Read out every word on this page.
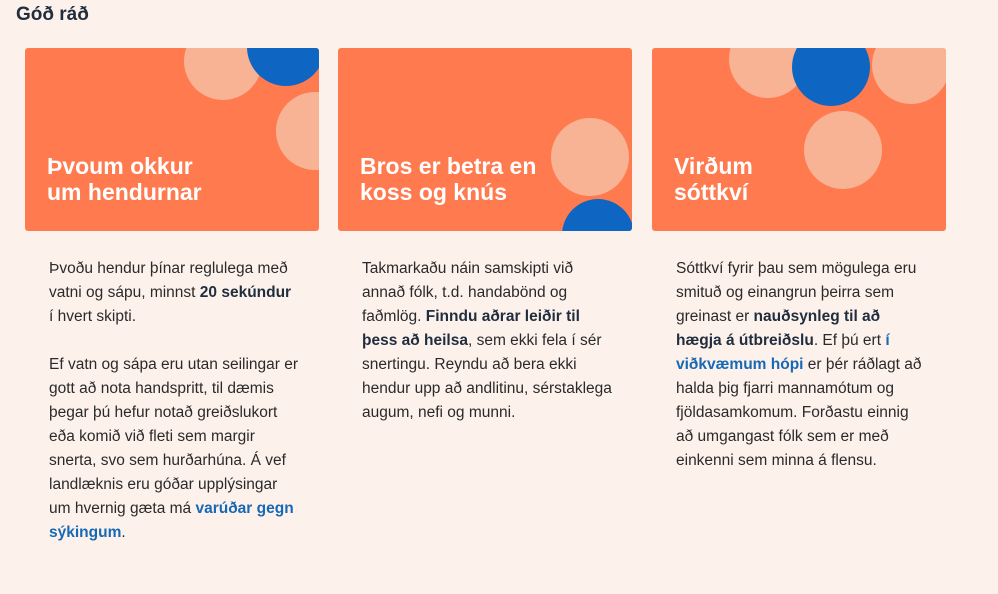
Góð ráð
Þvoum okkur
um hendurnar
Bros er betra en
koss og knús
Virðum
sóttkví

Þvoðu hendur þínar reglulega með vatni og sápu, minnst 20 sekúndur í hvert skipti.

Ef vatn og sápa eru utan seilingar er gott að nota handspritt, til dæmis þegar þú hefur notað greiðslukort eða komið við fleti sem margir snerta, svo sem hurðarhúna. Á vef landlæknis eru góðar upplýsingar um hvernig gæta má varúðar gegn sýkingum.

Takmarkaðu náin samskipti við annað fólk, t.d. handabönd og faðmlög. Finndu aðrar leiðir til þess að heilsa, sem ekki fela í sér snertingu. Reyndu að bera ekki hendur upp að andlitinu, sérstaklega augum, nefi og munni.

Sóttkví fyrir þau sem mögulega eru smituð og einangrun þeirra sem greinast er nauðsynleg til að hægja á útbreiðslu. Ef þú ert í viðkvæmum hópi er þér ráðlagt að halda þig fjarri mannamótum og fjöldasamkomum. Forðastu einnig að umgangast fólk sem er með einkenni sem minna á flensu.
